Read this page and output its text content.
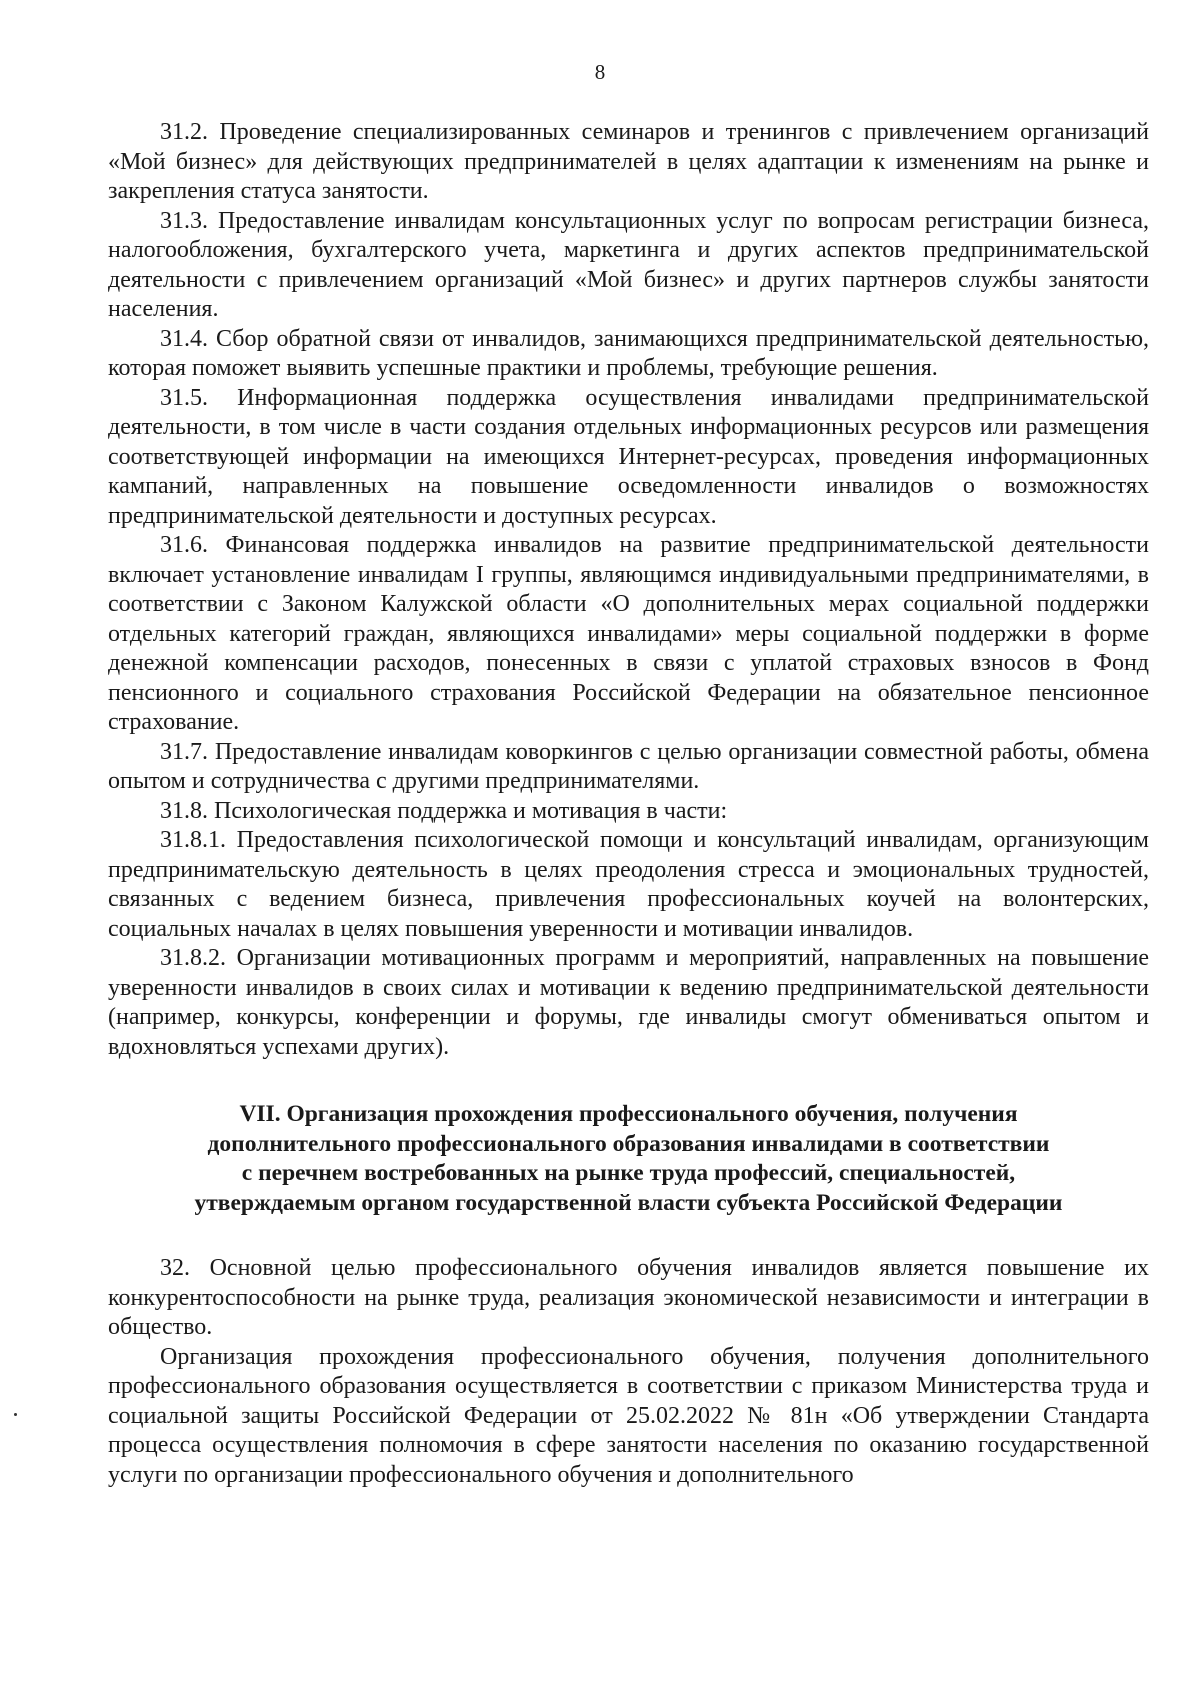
8

31.2. Проведение специализированных семинаров и тренингов с привлечением организаций «Мой бизнес» для действующих предпринимателей в целях адаптации к изменениям на рынке и закрепления статуса занятости.

31.3. Предоставление инвалидам консультационных услуг по вопросам регистрации бизнеса, налогообложения, бухгалтерского учета, маркетинга и других аспектов предпринимательской деятельности с привлечением организаций «Мой бизнес» и других партнеров службы занятости населения.

31.4. Сбор обратной связи от инвалидов, занимающихся предпринимательской деятельностью, которая поможет выявить успешные практики и проблемы, требующие решения.

31.5. Информационная поддержка осуществления инвалидами предпринимательской деятельности, в том числе в части создания отдельных информационных ресурсов или размещения соответствующей информации на имеющихся Интернет-ресурсах, проведения информационных кампаний, направленных на повышение осведомленности инвалидов о возможностях предпринимательской деятельности и доступных ресурсах.

31.6. Финансовая поддержка инвалидов на развитие предпринимательской деятельности включает установление инвалидам I группы, являющимся индивидуальными предпринимателями, в соответствии с Законом Калужской области «О дополнительных мерах социальной поддержки отдельных категорий граждан, являющихся инвалидами» меры социальной поддержки в форме денежной компенсации расходов, понесенных в связи с уплатой страховых взносов в Фонд пенсионного и социального страхования Российской Федерации на обязательное пенсионное страхование.

31.7. Предоставление инвалидам коворкингов с целью организации совместной работы, обмена опытом и сотрудничества с другими предпринимателями.

31.8. Психологическая поддержка и мотивация в части:

31.8.1. Предоставления психологической помощи и консультаций инвалидам, организующим предпринимательскую деятельность в целях преодоления стресса и эмоциональных трудностей, связанных с ведением бизнеса, привлечения профессиональных коучей на волонтерских, социальных началах в целях повышения уверенности и мотивации инвалидов.

31.8.2. Организации мотивационных программ и мероприятий, направленных на повышение уверенности инвалидов в своих силах и мотивации к ведению предпринимательской деятельности (например, конкурсы, конференции и форумы, где инвалиды смогут обмениваться опытом и вдохновляться успехами других).

VII. Организация прохождения профессионального обучения, получения
дополнительного профессионального образования инвалидами в соответствии
с перечнем востребованных на рынке труда профессий, специальностей,
утверждаемым органом государственной власти субъекта Российской Федерации

32. Основной целью профессионального обучения инвалидов является повышение их конкурентоспособности на рынке труда, реализация экономической независимости и интеграции в общество.

Организация прохождения профессионального обучения, получения дополнительного профессионального образования осуществляется в соответствии с приказом Министерства труда и социальной защиты Российской Федерации от 25.02.2022 № 81н «Об утверждении Стандарта процесса осуществления полномочия в сфере занятости населения по оказанию государственной услуги по организации профессионального обучения и дополнительного
